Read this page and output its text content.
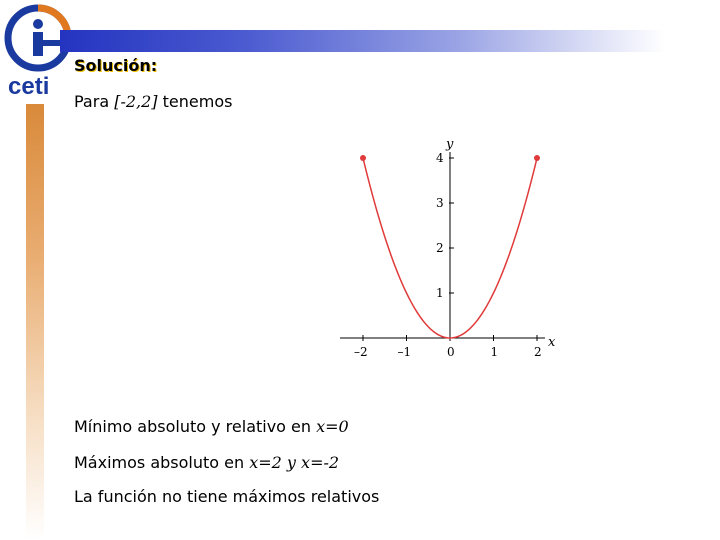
ceti
Solución:
Para [-2,2] tenemos
–2 –1	0	1	2
1
2
3
4
y
x
Mínimo absoluto y relativo en x=0
Máximos absoluto en x=2 y x=-2
La función no tiene máximos relativos
